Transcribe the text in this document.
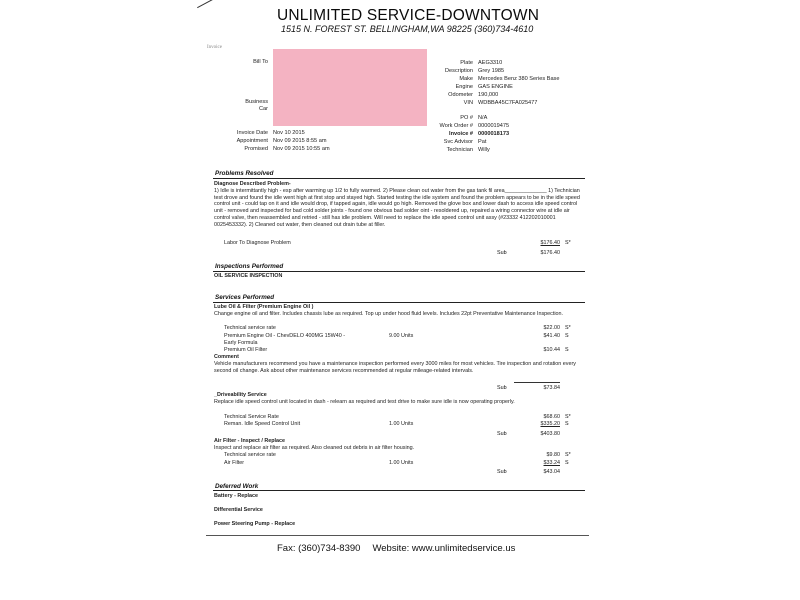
UNLIMITED SERVICE-DOWNTOWN
1515 N. FOREST ST. BELLINGHAM,WA 98225 (360)734-4610
Invoice
Bill To
Business
Car
Plate AEG3310
Description Grey 1985
Make Mercedes Benz 380 Series Base
Engine GAS ENGINE
Odometer 190,000
VIN WDBBA45C7FA025477
PO # N/A
Work Order # 0000019475
Invoice # 0000018173
Svc Advisor Pat
Technician Willy
Invoice Date Nov 10 2015
Appointment Nov 09 2015 8:55 am
Promised Nov 09 2015 10:55 am
Problems Resolved
Diagnose Described Problem-
1) Idle is intermittantly high - esp after warming up 1/2 to fully warmed. 2) Please clean out water from the gas tank fil area______________ 1) Technician test drove and found the idle went high at first stop and stayed high. Started testing the idle system and found the problem appears to be in the idle speed control unit - could tap on it and idle would drop, if tapped again, idle would go high. Removed the glove box and lower dash to access idle speed control unit - removed and inspected for bad cold solder joints - found one obvious bad solder oint - resoldered up, repaired a wiring connector wire at idle air control valve, then reassembled and retried - still has idle problem. Will need to replace the idle speed control unit assy (#23332 412202010001 0025453332). 2) Cleaned out water, then cleaned out drain tube at filler.
Labor To Diagnose Problem	$176.40 S*
Sub	$176.40
Inspections Performed
OIL SERVICE INSPECTION
Services Performed
Lube Oil & Filter (Premium Engine Oil )
Change engine oil and filter. Includes chassis lube as required. Top up under hood fluid levels. Includes 22pt Preventative Maintenance Inspection.
Technical service rate	$22.00 S*
Premium Engine Oil - ChevDELO 400MG 15W40 -	9.00 Units	$41.40 S
Early Formula
Premium Oil Filter	$10.44 S
Comment
Vehicle manufacturers recommend you have a maintenance inspection performed every 3000 miles for most vehicles. Tire inspection and rotation every second oil change. Ask about other maintenance services recommended at regular mileage-related intervals.
Sub	$73.84
_Driveability Service
Replace idle speed control unit located in dash - relearn as required and test drive to make sure idle is now operating properly.
Technical Service Rate	$68.60 S*
Reman. Idle Speed Control Unit	1.00 Units	$335.20 S
Sub	$403.80
Air Filter - Inspect / Replace
Inspect and replace air filter as required. Also cleaned out debris in air filter housing.
Technical service rate	$9.80 S*
Air Filter	1.00 Units	$33.24 S
Sub	$43.04
Deferred Work
Battery - Replace
Differential Service
Power Steering Pump - Replace
Fax: (360)734-8390 Website: www.unlimitedservice.us
